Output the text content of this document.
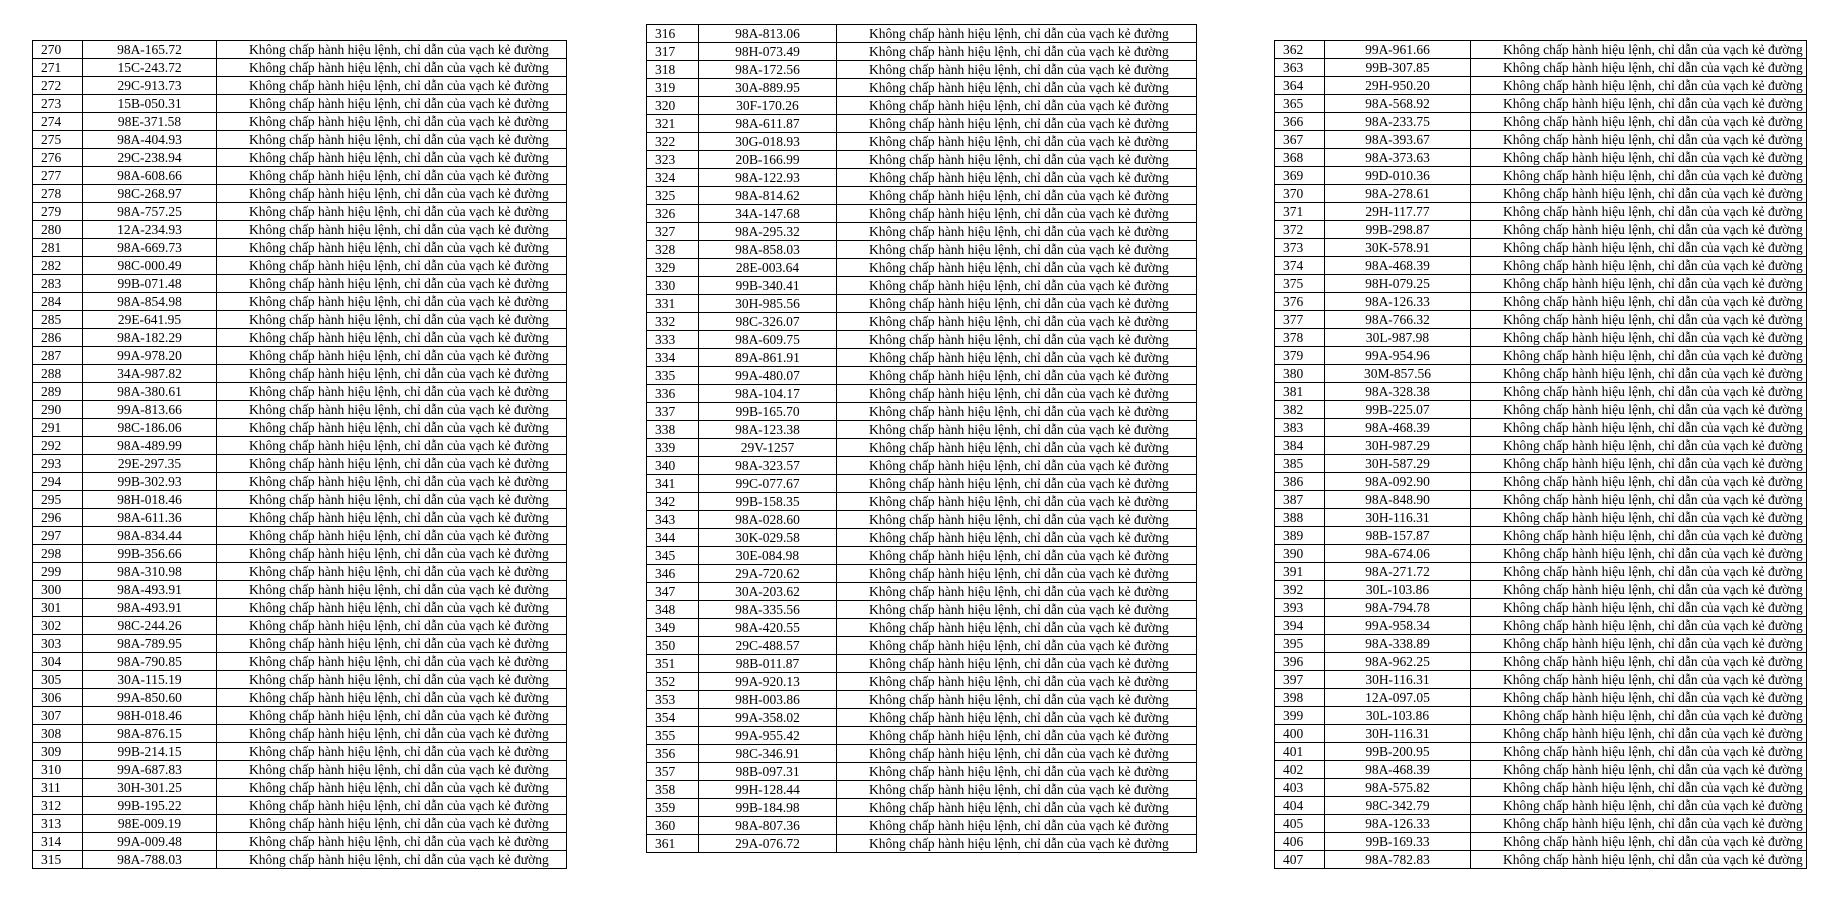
270	98A-165.72	Không chấp hành hiệu lệnh, chỉ dẫn của vạch kẻ đường
271	15C-243.72	Không chấp hành hiệu lệnh, chỉ dẫn của vạch kẻ đường
272	29C-913.73	Không chấp hành hiệu lệnh, chỉ dẫn của vạch kẻ đường
273	15B-050.31	Không chấp hành hiệu lệnh, chỉ dẫn của vạch kẻ đường
274	98E-371.58	Không chấp hành hiệu lệnh, chỉ dẫn của vạch kẻ đường
275	98A-404.93	Không chấp hành hiệu lệnh, chỉ dẫn của vạch kẻ đường
276	29C-238.94	Không chấp hành hiệu lệnh, chỉ dẫn của vạch kẻ đường
277	98A-608.66	Không chấp hành hiệu lệnh, chỉ dẫn của vạch kẻ đường
278	98C-268.97	Không chấp hành hiệu lệnh, chỉ dẫn của vạch kẻ đường
279	98A-757.25	Không chấp hành hiệu lệnh, chỉ dẫn của vạch kẻ đường
280	12A-234.93	Không chấp hành hiệu lệnh, chỉ dẫn của vạch kẻ đường
281	98A-669.73	Không chấp hành hiệu lệnh, chỉ dẫn của vạch kẻ đường
282	98C-000.49	Không chấp hành hiệu lệnh, chỉ dẫn của vạch kẻ đường
283	99B-071.48	Không chấp hành hiệu lệnh, chỉ dẫn của vạch kẻ đường
284	98A-854.98	Không chấp hành hiệu lệnh, chỉ dẫn của vạch kẻ đường
285	29E-641.95	Không chấp hành hiệu lệnh, chỉ dẫn của vạch kẻ đường
286	98A-182.29	Không chấp hành hiệu lệnh, chỉ dẫn của vạch kẻ đường
287	99A-978.20	Không chấp hành hiệu lệnh, chỉ dẫn của vạch kẻ đường
288	34A-987.82	Không chấp hành hiệu lệnh, chỉ dẫn của vạch kẻ đường
289	98A-380.61	Không chấp hành hiệu lệnh, chỉ dẫn của vạch kẻ đường
290	99A-813.66	Không chấp hành hiệu lệnh, chỉ dẫn của vạch kẻ đường
291	98C-186.06	Không chấp hành hiệu lệnh, chỉ dẫn của vạch kẻ đường
292	98A-489.99	Không chấp hành hiệu lệnh, chỉ dẫn của vạch kẻ đường
293	29E-297.35	Không chấp hành hiệu lệnh, chỉ dẫn của vạch kẻ đường
294	99B-302.93	Không chấp hành hiệu lệnh, chỉ dẫn của vạch kẻ đường
295	98H-018.46	Không chấp hành hiệu lệnh, chỉ dẫn của vạch kẻ đường
296	98A-611.36	Không chấp hành hiệu lệnh, chỉ dẫn của vạch kẻ đường
297	98A-834.44	Không chấp hành hiệu lệnh, chỉ dẫn của vạch kẻ đường
298	99B-356.66	Không chấp hành hiệu lệnh, chỉ dẫn của vạch kẻ đường
299	98A-310.98	Không chấp hành hiệu lệnh, chỉ dẫn của vạch kẻ đường
300	98A-493.91	Không chấp hành hiệu lệnh, chỉ dẫn của vạch kẻ đường
301	98A-493.91	Không chấp hành hiệu lệnh, chỉ dẫn của vạch kẻ đường
302	98C-244.26	Không chấp hành hiệu lệnh, chỉ dẫn của vạch kẻ đường
303	98A-789.95	Không chấp hành hiệu lệnh, chỉ dẫn của vạch kẻ đường
304	98A-790.85	Không chấp hành hiệu lệnh, chỉ dẫn của vạch kẻ đường
305	30A-115.19	Không chấp hành hiệu lệnh, chỉ dẫn của vạch kẻ đường
306	99A-850.60	Không chấp hành hiệu lệnh, chỉ dẫn của vạch kẻ đường
307	98H-018.46	Không chấp hành hiệu lệnh, chỉ dẫn của vạch kẻ đường
308	98A-876.15	Không chấp hành hiệu lệnh, chỉ dẫn của vạch kẻ đường
309	99B-214.15	Không chấp hành hiệu lệnh, chỉ dẫn của vạch kẻ đường
310	99A-687.83	Không chấp hành hiệu lệnh, chỉ dẫn của vạch kẻ đường
311	30H-301.25	Không chấp hành hiệu lệnh, chỉ dẫn của vạch kẻ đường
312	99B-195.22	Không chấp hành hiệu lệnh, chỉ dẫn của vạch kẻ đường
313	98E-009.19	Không chấp hành hiệu lệnh, chỉ dẫn của vạch kẻ đường
314	99A-009.48	Không chấp hành hiệu lệnh, chỉ dẫn của vạch kẻ đường
315	98A-788.03	Không chấp hành hiệu lệnh, chỉ dẫn của vạch kẻ đường
316	98A-813.06	Không chấp hành hiệu lệnh, chỉ dẫn của vạch kẻ đường
317	98H-073.49	Không chấp hành hiệu lệnh, chỉ dẫn của vạch kẻ đường
318	98A-172.56	Không chấp hành hiệu lệnh, chỉ dẫn của vạch kẻ đường
319	30A-889.95	Không chấp hành hiệu lệnh, chỉ dẫn của vạch kẻ đường
320	30F-170.26	Không chấp hành hiệu lệnh, chỉ dẫn của vạch kẻ đường
321	98A-611.87	Không chấp hành hiệu lệnh, chỉ dẫn của vạch kẻ đường
322	30G-018.93	Không chấp hành hiệu lệnh, chỉ dẫn của vạch kẻ đường
323	20B-166.99	Không chấp hành hiệu lệnh, chỉ dẫn của vạch kẻ đường
324	98A-122.93	Không chấp hành hiệu lệnh, chỉ dẫn của vạch kẻ đường
325	98A-814.62	Không chấp hành hiệu lệnh, chỉ dẫn của vạch kẻ đường
326	34A-147.68	Không chấp hành hiệu lệnh, chỉ dẫn của vạch kẻ đường
327	98A-295.32	Không chấp hành hiệu lệnh, chỉ dẫn của vạch kẻ đường
328	98A-858.03	Không chấp hành hiệu lệnh, chỉ dẫn của vạch kẻ đường
329	28E-003.64	Không chấp hành hiệu lệnh, chỉ dẫn của vạch kẻ đường
330	99B-340.41	Không chấp hành hiệu lệnh, chỉ dẫn của vạch kẻ đường
331	30H-985.56	Không chấp hành hiệu lệnh, chỉ dẫn của vạch kẻ đường
332	98C-326.07	Không chấp hành hiệu lệnh, chỉ dẫn của vạch kẻ đường
333	98A-609.75	Không chấp hành hiệu lệnh, chỉ dẫn của vạch kẻ đường
334	89A-861.91	Không chấp hành hiệu lệnh, chỉ dẫn của vạch kẻ đường
335	99A-480.07	Không chấp hành hiệu lệnh, chỉ dẫn của vạch kẻ đường
336	98A-104.17	Không chấp hành hiệu lệnh, chỉ dẫn của vạch kẻ đường
337	99B-165.70	Không chấp hành hiệu lệnh, chỉ dẫn của vạch kẻ đường
338	98A-123.38	Không chấp hành hiệu lệnh, chỉ dẫn của vạch kẻ đường
339	29V-1257	Không chấp hành hiệu lệnh, chỉ dẫn của vạch kẻ đường
340	98A-323.57	Không chấp hành hiệu lệnh, chỉ dẫn của vạch kẻ đường
341	99C-077.67	Không chấp hành hiệu lệnh, chỉ dẫn của vạch kẻ đường
342	99B-158.35	Không chấp hành hiệu lệnh, chỉ dẫn của vạch kẻ đường
343	98A-028.60	Không chấp hành hiệu lệnh, chỉ dẫn của vạch kẻ đường
344	30K-029.58	Không chấp hành hiệu lệnh, chỉ dẫn của vạch kẻ đường
345	30E-084.98	Không chấp hành hiệu lệnh, chỉ dẫn của vạch kẻ đường
346	29A-720.62	Không chấp hành hiệu lệnh, chỉ dẫn của vạch kẻ đường
347	30A-203.62	Không chấp hành hiệu lệnh, chỉ dẫn của vạch kẻ đường
348	98A-335.56	Không chấp hành hiệu lệnh, chỉ dẫn của vạch kẻ đường
349	98A-420.55	Không chấp hành hiệu lệnh, chỉ dẫn của vạch kẻ đường
350	29C-488.57	Không chấp hành hiệu lệnh, chỉ dẫn của vạch kẻ đường
351	98B-011.87	Không chấp hành hiệu lệnh, chỉ dẫn của vạch kẻ đường
352	99A-920.13	Không chấp hành hiệu lệnh, chỉ dẫn của vạch kẻ đường
353	98H-003.86	Không chấp hành hiệu lệnh, chỉ dẫn của vạch kẻ đường
354	99A-358.02	Không chấp hành hiệu lệnh, chỉ dẫn của vạch kẻ đường
355	99A-955.42	Không chấp hành hiệu lệnh, chỉ dẫn của vạch kẻ đường
356	98C-346.91	Không chấp hành hiệu lệnh, chỉ dẫn của vạch kẻ đường
357	98B-097.31	Không chấp hành hiệu lệnh, chỉ dẫn của vạch kẻ đường
358	99H-128.44	Không chấp hành hiệu lệnh, chỉ dẫn của vạch kẻ đường
359	99B-184.98	Không chấp hành hiệu lệnh, chỉ dẫn của vạch kẻ đường
360	98A-807.36	Không chấp hành hiệu lệnh, chỉ dẫn của vạch kẻ đường
361	29A-076.72	Không chấp hành hiệu lệnh, chỉ dẫn của vạch kẻ đường
362	99A-961.66	Không chấp hành hiệu lệnh, chỉ dẫn của vạch kẻ đường
363	99B-307.85	Không chấp hành hiệu lệnh, chỉ dẫn của vạch kẻ đường
364	29H-950.20	Không chấp hành hiệu lệnh, chỉ dẫn của vạch kẻ đường
365	98A-568.92	Không chấp hành hiệu lệnh, chỉ dẫn của vạch kẻ đường
366	98A-233.75	Không chấp hành hiệu lệnh, chỉ dẫn của vạch kẻ đường
367	98A-393.67	Không chấp hành hiệu lệnh, chỉ dẫn của vạch kẻ đường
368	98A-373.63	Không chấp hành hiệu lệnh, chỉ dẫn của vạch kẻ đường
369	99D-010.36	Không chấp hành hiệu lệnh, chỉ dẫn của vạch kẻ đường
370	98A-278.61	Không chấp hành hiệu lệnh, chỉ dẫn của vạch kẻ đường
371	29H-117.77	Không chấp hành hiệu lệnh, chỉ dẫn của vạch kẻ đường
372	99B-298.87	Không chấp hành hiệu lệnh, chỉ dẫn của vạch kẻ đường
373	30K-578.91	Không chấp hành hiệu lệnh, chỉ dẫn của vạch kẻ đường
374	98A-468.39	Không chấp hành hiệu lệnh, chỉ dẫn của vạch kẻ đường
375	98H-079.25	Không chấp hành hiệu lệnh, chỉ dẫn của vạch kẻ đường
376	98A-126.33	Không chấp hành hiệu lệnh, chỉ dẫn của vạch kẻ đường
377	98A-766.32	Không chấp hành hiệu lệnh, chỉ dẫn của vạch kẻ đường
378	30L-987.98	Không chấp hành hiệu lệnh, chỉ dẫn của vạch kẻ đường
379	99A-954.96	Không chấp hành hiệu lệnh, chỉ dẫn của vạch kẻ đường
380	30M-857.56	Không chấp hành hiệu lệnh, chỉ dẫn của vạch kẻ đường
381	98A-328.38	Không chấp hành hiệu lệnh, chỉ dẫn của vạch kẻ đường
382	99B-225.07	Không chấp hành hiệu lệnh, chỉ dẫn của vạch kẻ đường
383	98A-468.39	Không chấp hành hiệu lệnh, chỉ dẫn của vạch kẻ đường
384	30H-987.29	Không chấp hành hiệu lệnh, chỉ dẫn của vạch kẻ đường
385	30H-587.29	Không chấp hành hiệu lệnh, chỉ dẫn của vạch kẻ đường
386	98A-092.90	Không chấp hành hiệu lệnh, chỉ dẫn của vạch kẻ đường
387	98A-848.90	Không chấp hành hiệu lệnh, chỉ dẫn của vạch kẻ đường
388	30H-116.31	Không chấp hành hiệu lệnh, chỉ dẫn của vạch kẻ đường
389	98B-157.87	Không chấp hành hiệu lệnh, chỉ dẫn của vạch kẻ đường
390	98A-674.06	Không chấp hành hiệu lệnh, chỉ dẫn của vạch kẻ đường
391	98A-271.72	Không chấp hành hiệu lệnh, chỉ dẫn của vạch kẻ đường
392	30L-103.86	Không chấp hành hiệu lệnh, chỉ dẫn của vạch kẻ đường
393	98A-794.78	Không chấp hành hiệu lệnh, chỉ dẫn của vạch kẻ đường
394	99A-958.34	Không chấp hành hiệu lệnh, chỉ dẫn của vạch kẻ đường
395	98A-338.89	Không chấp hành hiệu lệnh, chỉ dẫn của vạch kẻ đường
396	98A-962.25	Không chấp hành hiệu lệnh, chỉ dẫn của vạch kẻ đường
397	30H-116.31	Không chấp hành hiệu lệnh, chỉ dẫn của vạch kẻ đường
398	12A-097.05	Không chấp hành hiệu lệnh, chỉ dẫn của vạch kẻ đường
399	30L-103.86	Không chấp hành hiệu lệnh, chỉ dẫn của vạch kẻ đường
400	30H-116.31	Không chấp hành hiệu lệnh, chỉ dẫn của vạch kẻ đường
401	99B-200.95	Không chấp hành hiệu lệnh, chỉ dẫn của vạch kẻ đường
402	98A-468.39	Không chấp hành hiệu lệnh, chỉ dẫn của vạch kẻ đường
403	98A-575.82	Không chấp hành hiệu lệnh, chỉ dẫn của vạch kẻ đường
404	98C-342.79	Không chấp hành hiệu lệnh, chỉ dẫn của vạch kẻ đường
405	98A-126.33	Không chấp hành hiệu lệnh, chỉ dẫn của vạch kẻ đường
406	99B-169.33	Không chấp hành hiệu lệnh, chỉ dẫn của vạch kẻ đường
407	98A-782.83	Không chấp hành hiệu lệnh, chỉ dẫn của vạch kẻ đường
